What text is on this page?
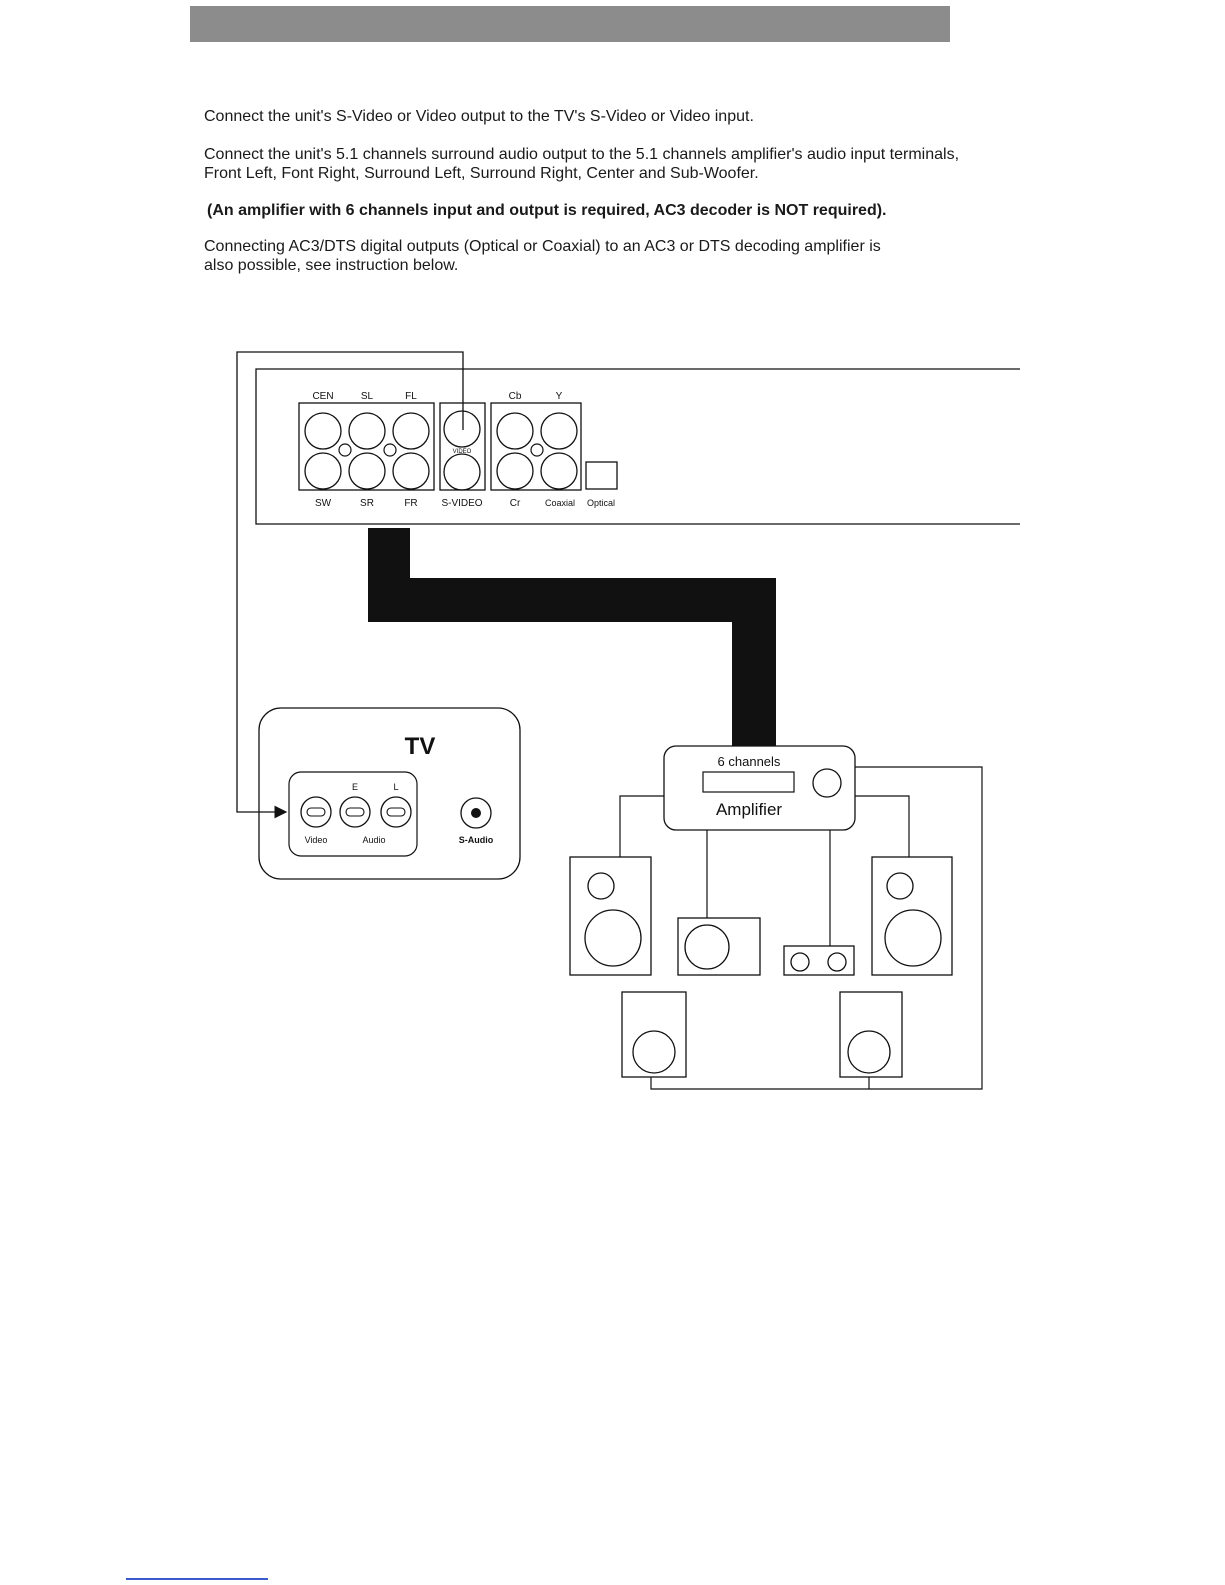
Connect the unit's S-Video or Video output to the TV's S-Video or Video input.

Connect the unit's 5.1 channels surround audio output to the 5.1 channels amplifier's audio input terminals,
Front Left, Font Right, Surround Left, Surround Right, Center and Sub-Woofer.

(An amplifier with 6 channels input and output is required, AC3 decoder is NOT required).

Connecting AC3/DTS digital outputs (Optical or Coaxial) to an AC3 or DTS decoding amplifier is
also possible, see instruction below.

VIDEO
CEN	SL	FL	Cb	Y
SW	SR	FR S-VIDEO	Cr	Coaxial Optical
TV
E	L
Video	Audio	S-Audio
6 channels
Amplifier
